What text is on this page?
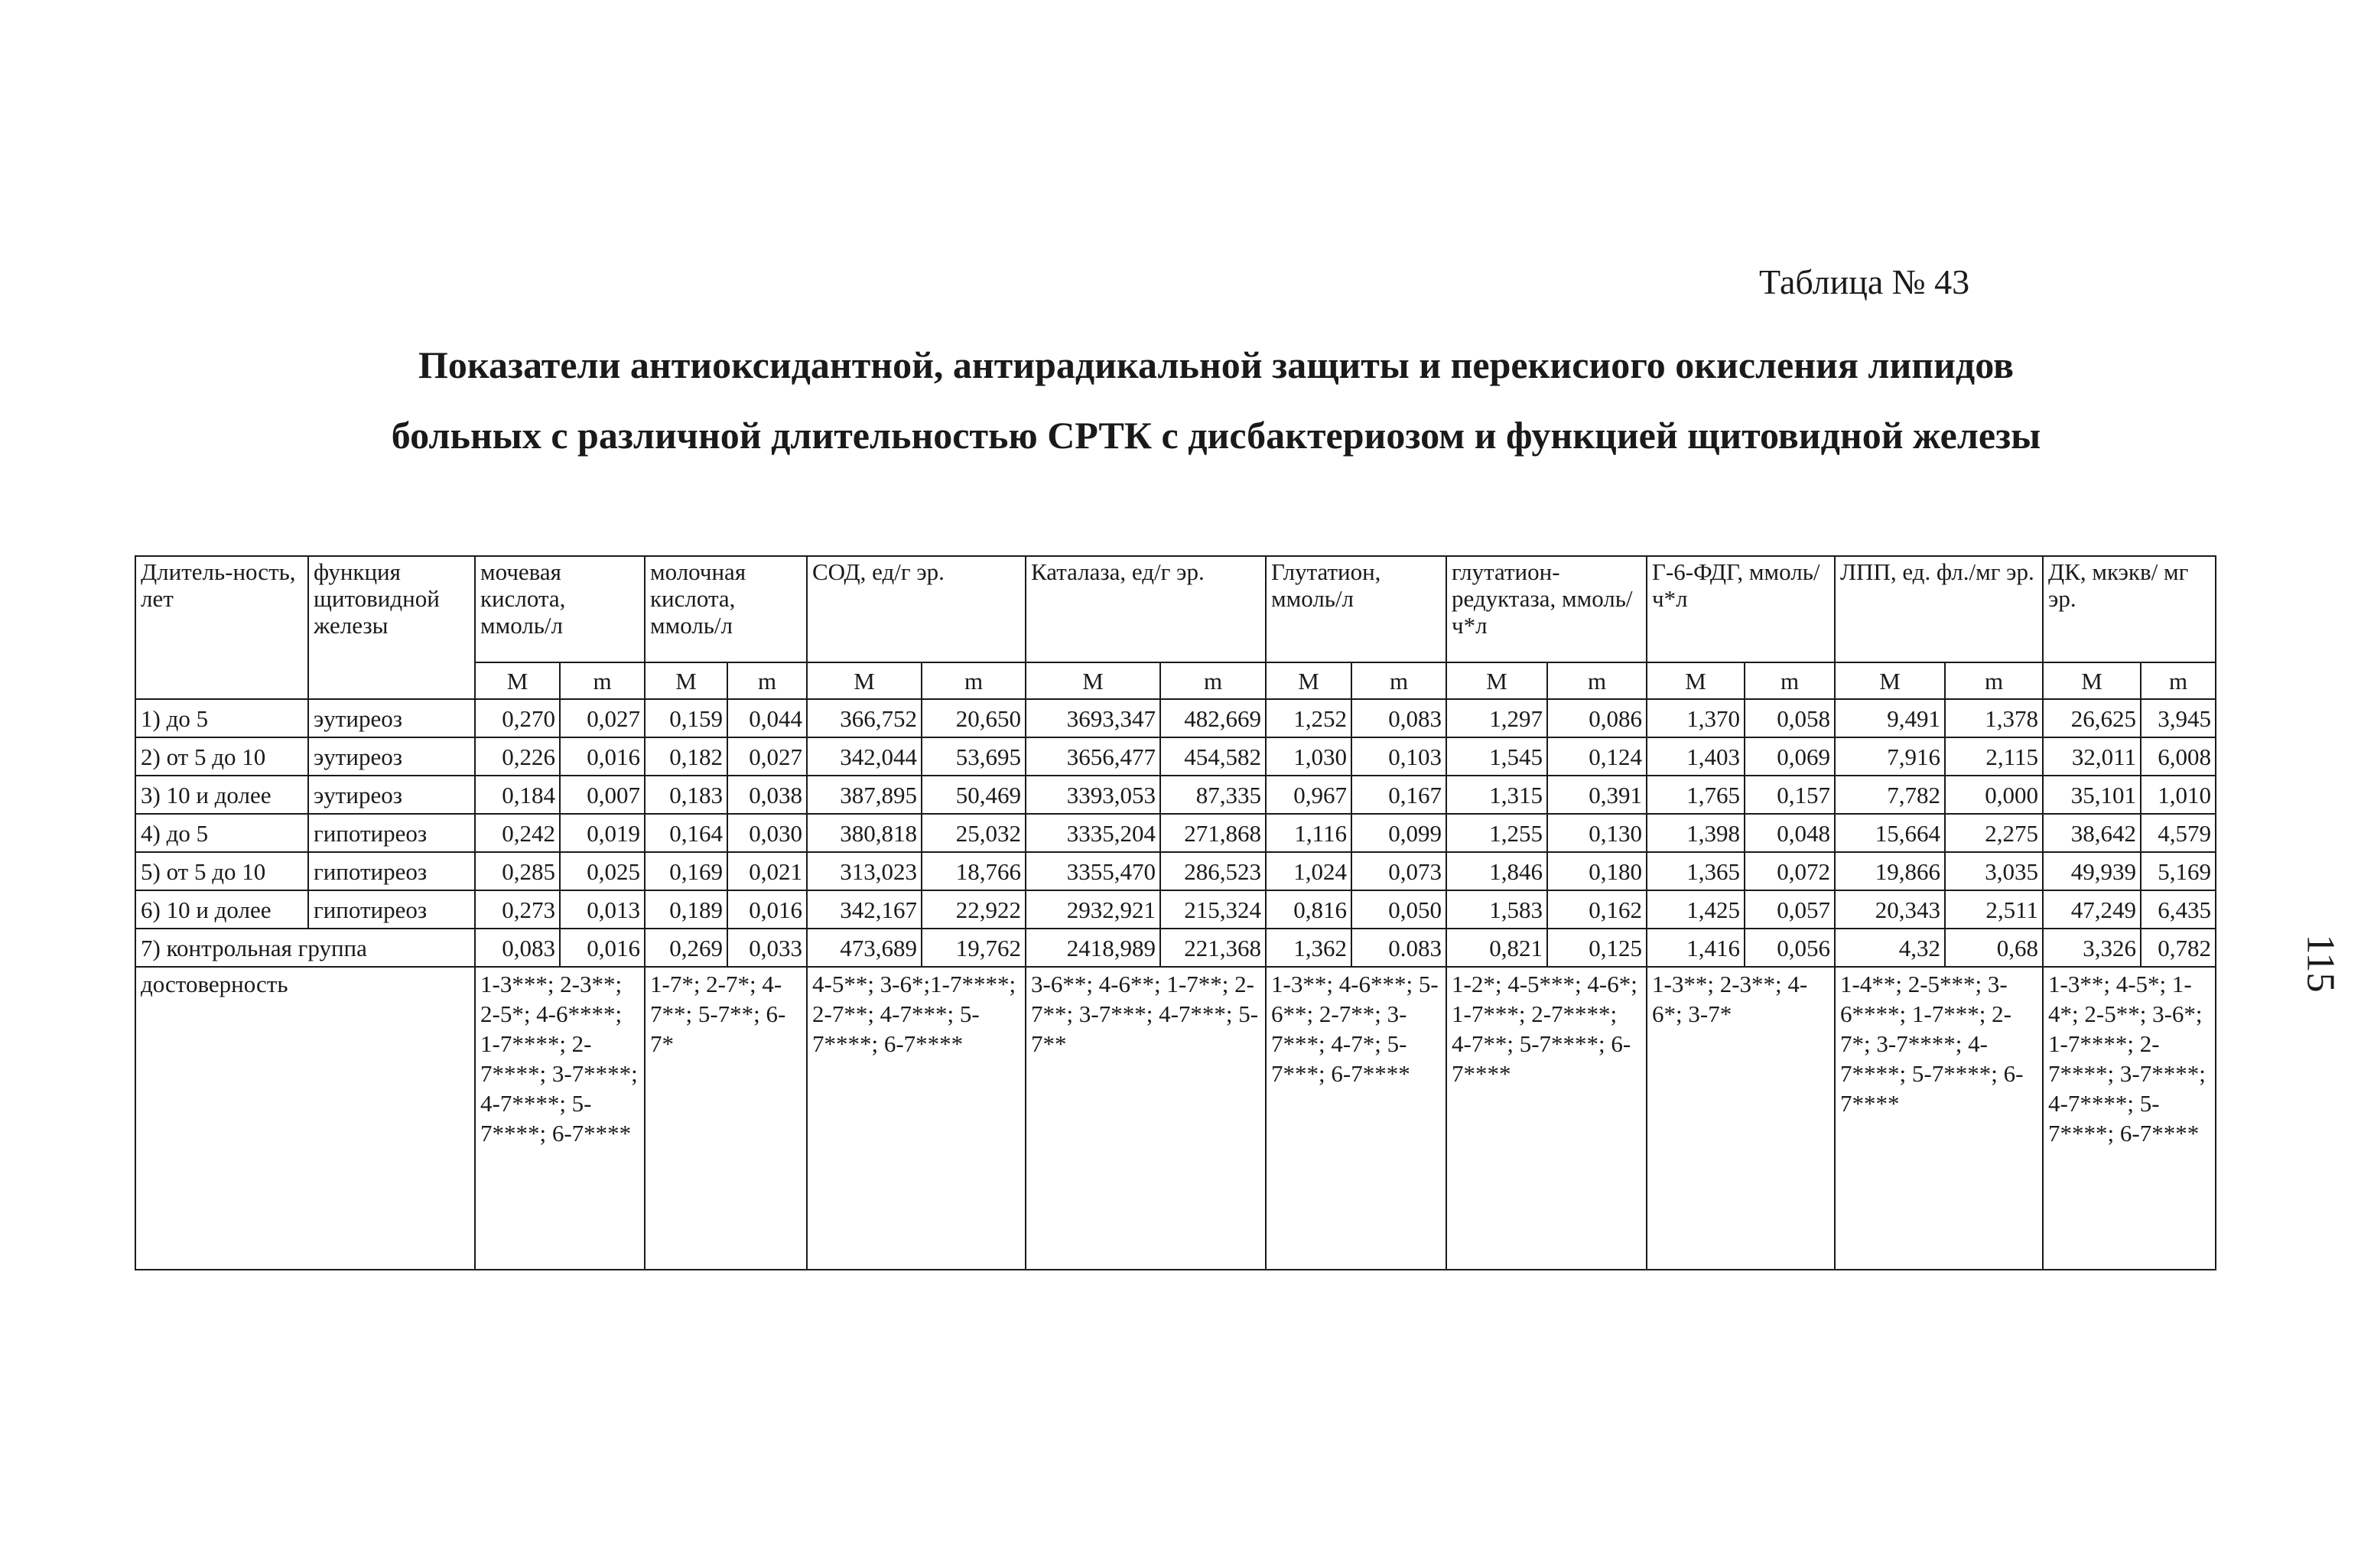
Таблица № 43
Показатели антиоксидантной, антирадикальной защиты и перекисиого окисления липидов
больных с различной длительностью СРТК с дисбактериозом и функцией щитовидной железы
115
Длитель-ность, лет	функция щитовидной железы	мочевая кислота, ммоль/л		молочная кислота, ммоль/л		СОД, ед/г эр.		Каталаза, ед/г эр.		Глутатион, ммоль/л		глутатион-редуктаза, ммоль/ч*л		Г-6-ФДГ, ммоль/ч*л		ЛПП, ед. фл./мг эр.		ДК, мкэкв/ мг эр.	
		M	m	M	m	M	m	M	m	M	m	M	m	M	m	M	m	M	m
1) до 5	эутиреоз	0,270	0,027	0,159	0,044	366,752	20,650	3693,347	482,669	1,252	0,083	1,297	0,086	1,370	0,058	9,491	1,378	26,625	3,945
2) от 5 до 10	эутиреоз	0,226	0,016	0,182	0,027	342,044	53,695	3656,477	454,582	1,030	0,103	1,545	0,124	1,403	0,069	7,916	2,115	32,011	6,008
3) 10 и долее	эутиреоз	0,184	0,007	0,183	0,038	387,895	50,469	3393,053	87,335	0,967	0,167	1,315	0,391	1,765	0,157	7,782	0,000	35,101	1,010
4) до 5	гипотиреоз	0,242	0,019	0,164	0,030	380,818	25,032	3335,204	271,868	1,116	0,099	1,255	0,130	1,398	0,048	15,664	2,275	38,642	4,579
5) от 5 до 10	гипотиреоз	0,285	0,025	0,169	0,021	313,023	18,766	3355,470	286,523	1,024	0,073	1,846	0,180	1,365	0,072	19,866	3,035	49,939	5,169
6) 10 и долее	гипотиреоз	0,273	0,013	0,189	0,016	342,167	22,922	2932,921	215,324	0,816	0,050	1,583	0,162	1,425	0,057	20,343	2,511	47,249	6,435
7) контрольная группа		0,083	0,016	0,269	0,033	473,689	19,762	2418,989	221,368	1,362	0.083	0,821	0,125	1,416	0,056	4,32	0,68	3,326	0,782
достоверность		1-3***; 2-3**; 2-5*; 4-6****; 1-7****; 2-7****; 3-7****; 4-7****; 5-7****; 6-7****		1-7*; 2-7*; 4-7**; 5-7**; 6-7*		4-5**; 3-6*;1-7****; 2-7**; 4-7***; 5-7****; 6-7****		3-6**; 4-6**; 1-7**; 2-7**; 3-7***; 4-7***; 5-7**		1-3**; 4-6***; 5-6**; 2-7**; 3-7***; 4-7*; 5-7***; 6-7****		1-2*; 4-5***; 4-6*; 1-7***; 2-7****; 4-7**; 5-7****; 6-7****		1-3**; 2-3**; 4-6*; 3-7*		1-4**; 2-5***; 3-6****; 1-7***; 2-7*; 3-7****; 4-7****; 5-7****; 6-7****		1-3**; 4-5*; 1-4*; 2-5**; 3-6*; 1-7****; 2-7****; 3-7****; 4-7****; 5-7****; 6-7****	
